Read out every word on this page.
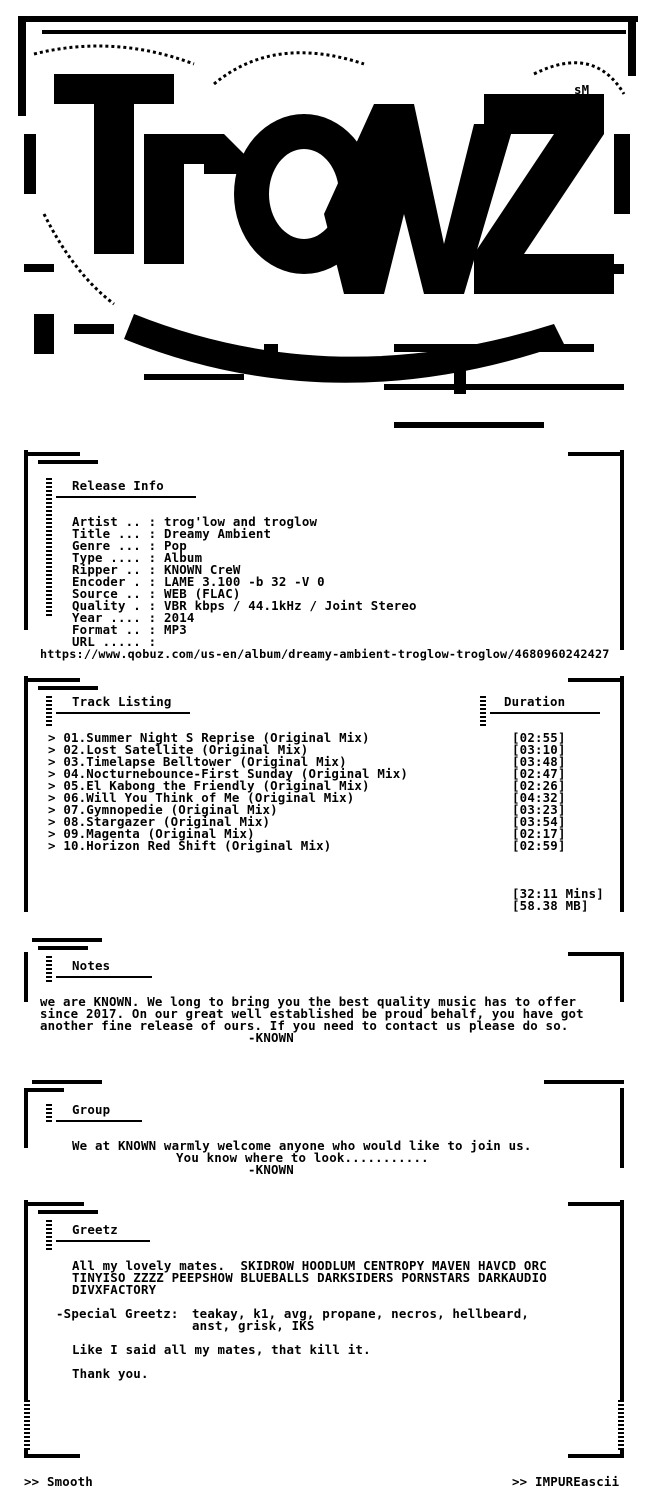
sM
Release Info
Artist .. : trog'low and troglow
Title ... : Dreamy Ambient
Genre ... : Pop
Type .... : Album
Ripper .. : KNOWN CreW
Encoder . : LAME 3.100 -b 32 -V 0
Source .. : WEB (FLAC)
Quality . : VBR kbps / 44.1kHz / Joint Stereo
Year .... : 2014
Format .. : MP3
URL ..... :
https://www.qobuz.com/us-en/album/dreamy-ambient-troglow-troglow/4680960242427
Track Listing	Duration
> 01.Summer Night S Reprise (Original Mix)	[02:55]
> 02.Lost Satellite (Original Mix)	[03:10]
> 03.Timelapse Belltower (Original Mix)	[03:48]
> 04.Nocturnebounce-First Sunday (Original Mix)	[02:47]
> 05.El Kabong the Friendly (Original Mix)	[02:26]
> 06.Will You Think of Me (Original Mix)	[04:32]
> 07.Gymnopedie (Original Mix)	[03:23]
> 08.Stargazer (Original Mix)	[03:54]
> 09.Magenta (Original Mix)	[02:17]
> 10.Horizon Red Shift (Original Mix)	[02:59]
[32:11 Mins]
[58.38 MB]
Notes
we are KNOWN. We long to bring you the best quality music has to offer
since 2017. On our great well established be proud behalf, you have got
another fine release of ours. If you need to contact us please do so.
-KNOWN
Group
We at KNOWN warmly welcome anyone who would like to join us.
You know where to look...........
-KNOWN
Greetz
All my lovely mates.  SKIDROW HOODLUM CENTROPY MAVEN HAVCD ORC
TINYISO ZZZZ PEEPSHOW BLUEBALLS DARKSIDERS PORNSTARS DARKAUDIO
DIVXFACTORY
-Special Greetz: teakay, k1, avg, propane, necros, hellbeard,
anst, grisk, IKS
Like I said all my mates, that kill it.
Thank you.
>> Smooth	>> IMPUREascii
